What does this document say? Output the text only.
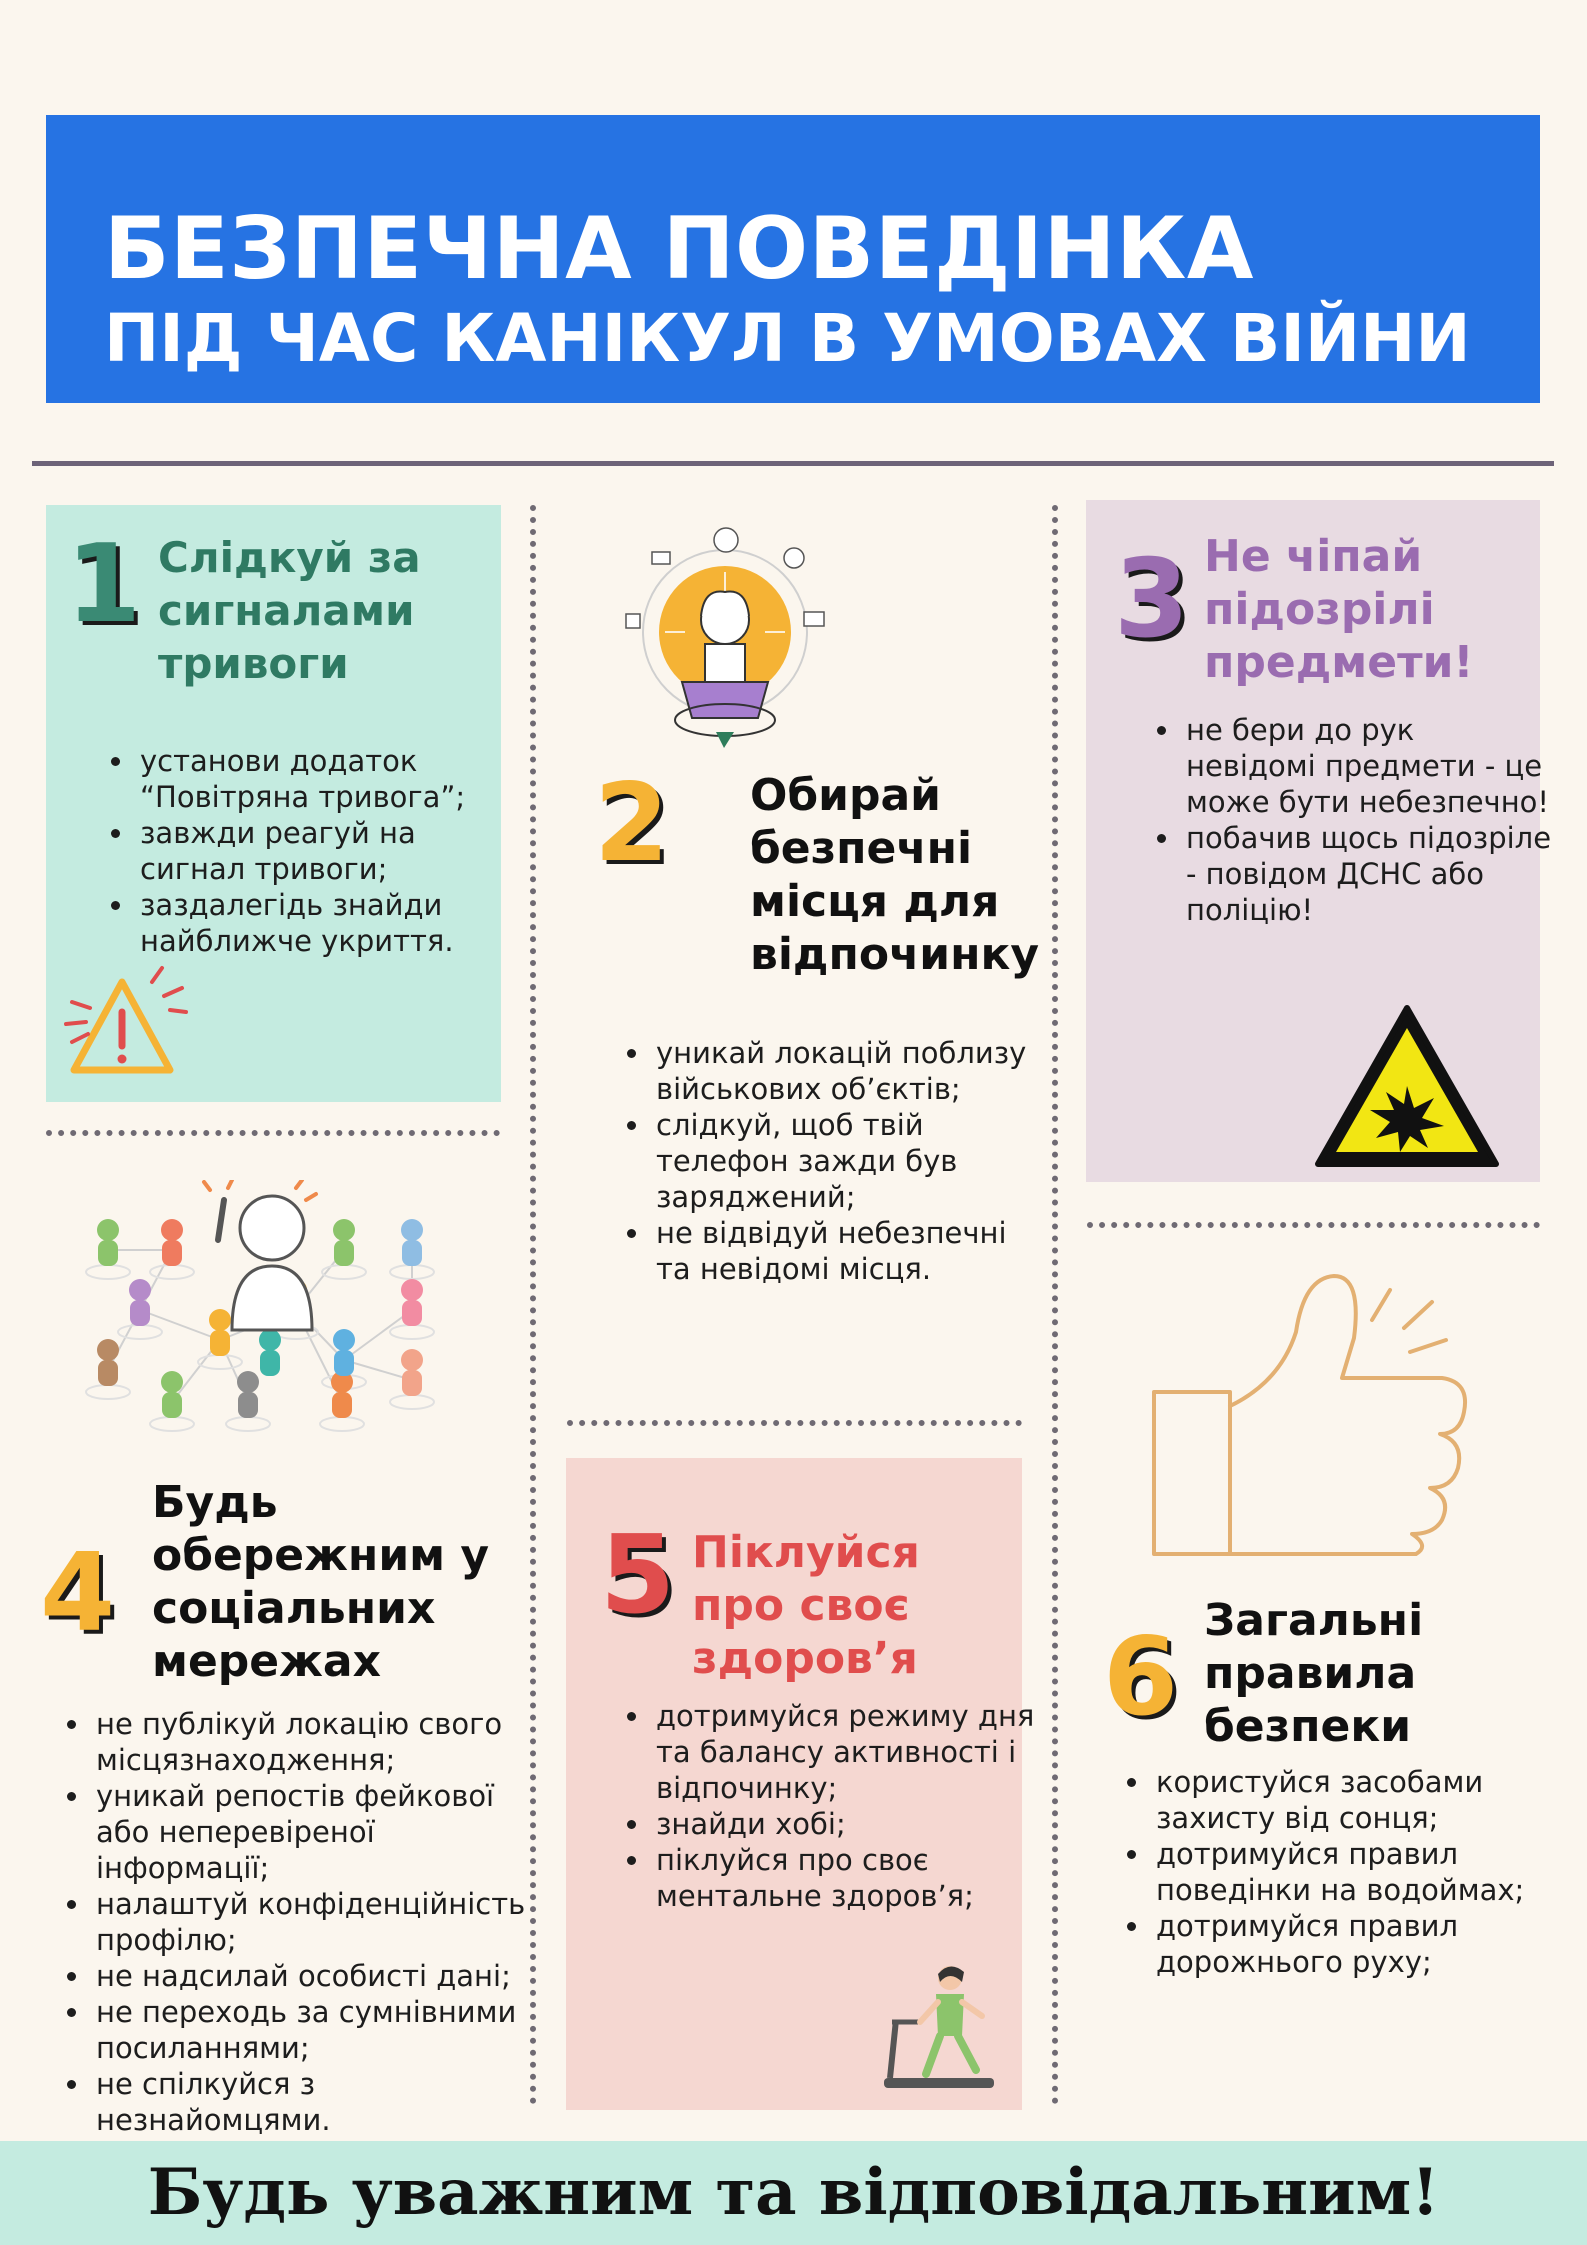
БЕЗПЕЧНА ПОВЕДІНКА
ПІД ЧАС КАНІКУЛ В УМОВАХ ВІЙНИ
1 Слідкуй за сигналами тривоги
• установи додаток “Повітряна тривога”;
• завжди реагуй на сигнал тривоги;
• заздалегідь знайди найближче укриття.
2 Обирай безпечні місця для відпочинку
• уникай локацій поблизу військових об’єктів;
• слідкуй, щоб твій телефон зажди був заряджений;
• не відвідуй небезпечні та невідомі місця.
3 Не чіпай підозрілі предмети!
• не бери до рук невідомі предмети - це може бути небезпечно!
• побачив щось підозріле - повідом ДСНС або поліцію!
4
Будь обережним у соціальних мережах
• не публікуй локацію свого місцязнаходження;
• уникай репостів фейкової або неперевіреної інформації;
• налаштуй конфіденційність профілю;
• не надсилай особисті дані;
• не переходь за сумнівними посиланнями;
• не спілкуйся з незнайомцями.
5 Піклуйся про своє здоров’я
• дотримуйся режиму дня та балансу активності і відпочинку;
• знайди хобі;
• піклуйся про своє ментальне здоров’я;
6 Загальні правила безпеки
• користуйся засобами захисту від сонця;
• дотримуйся правил поведінки на водоймах;
• дотримуйся правил дорожнього руху;
Будь уважним та відповідальним!
